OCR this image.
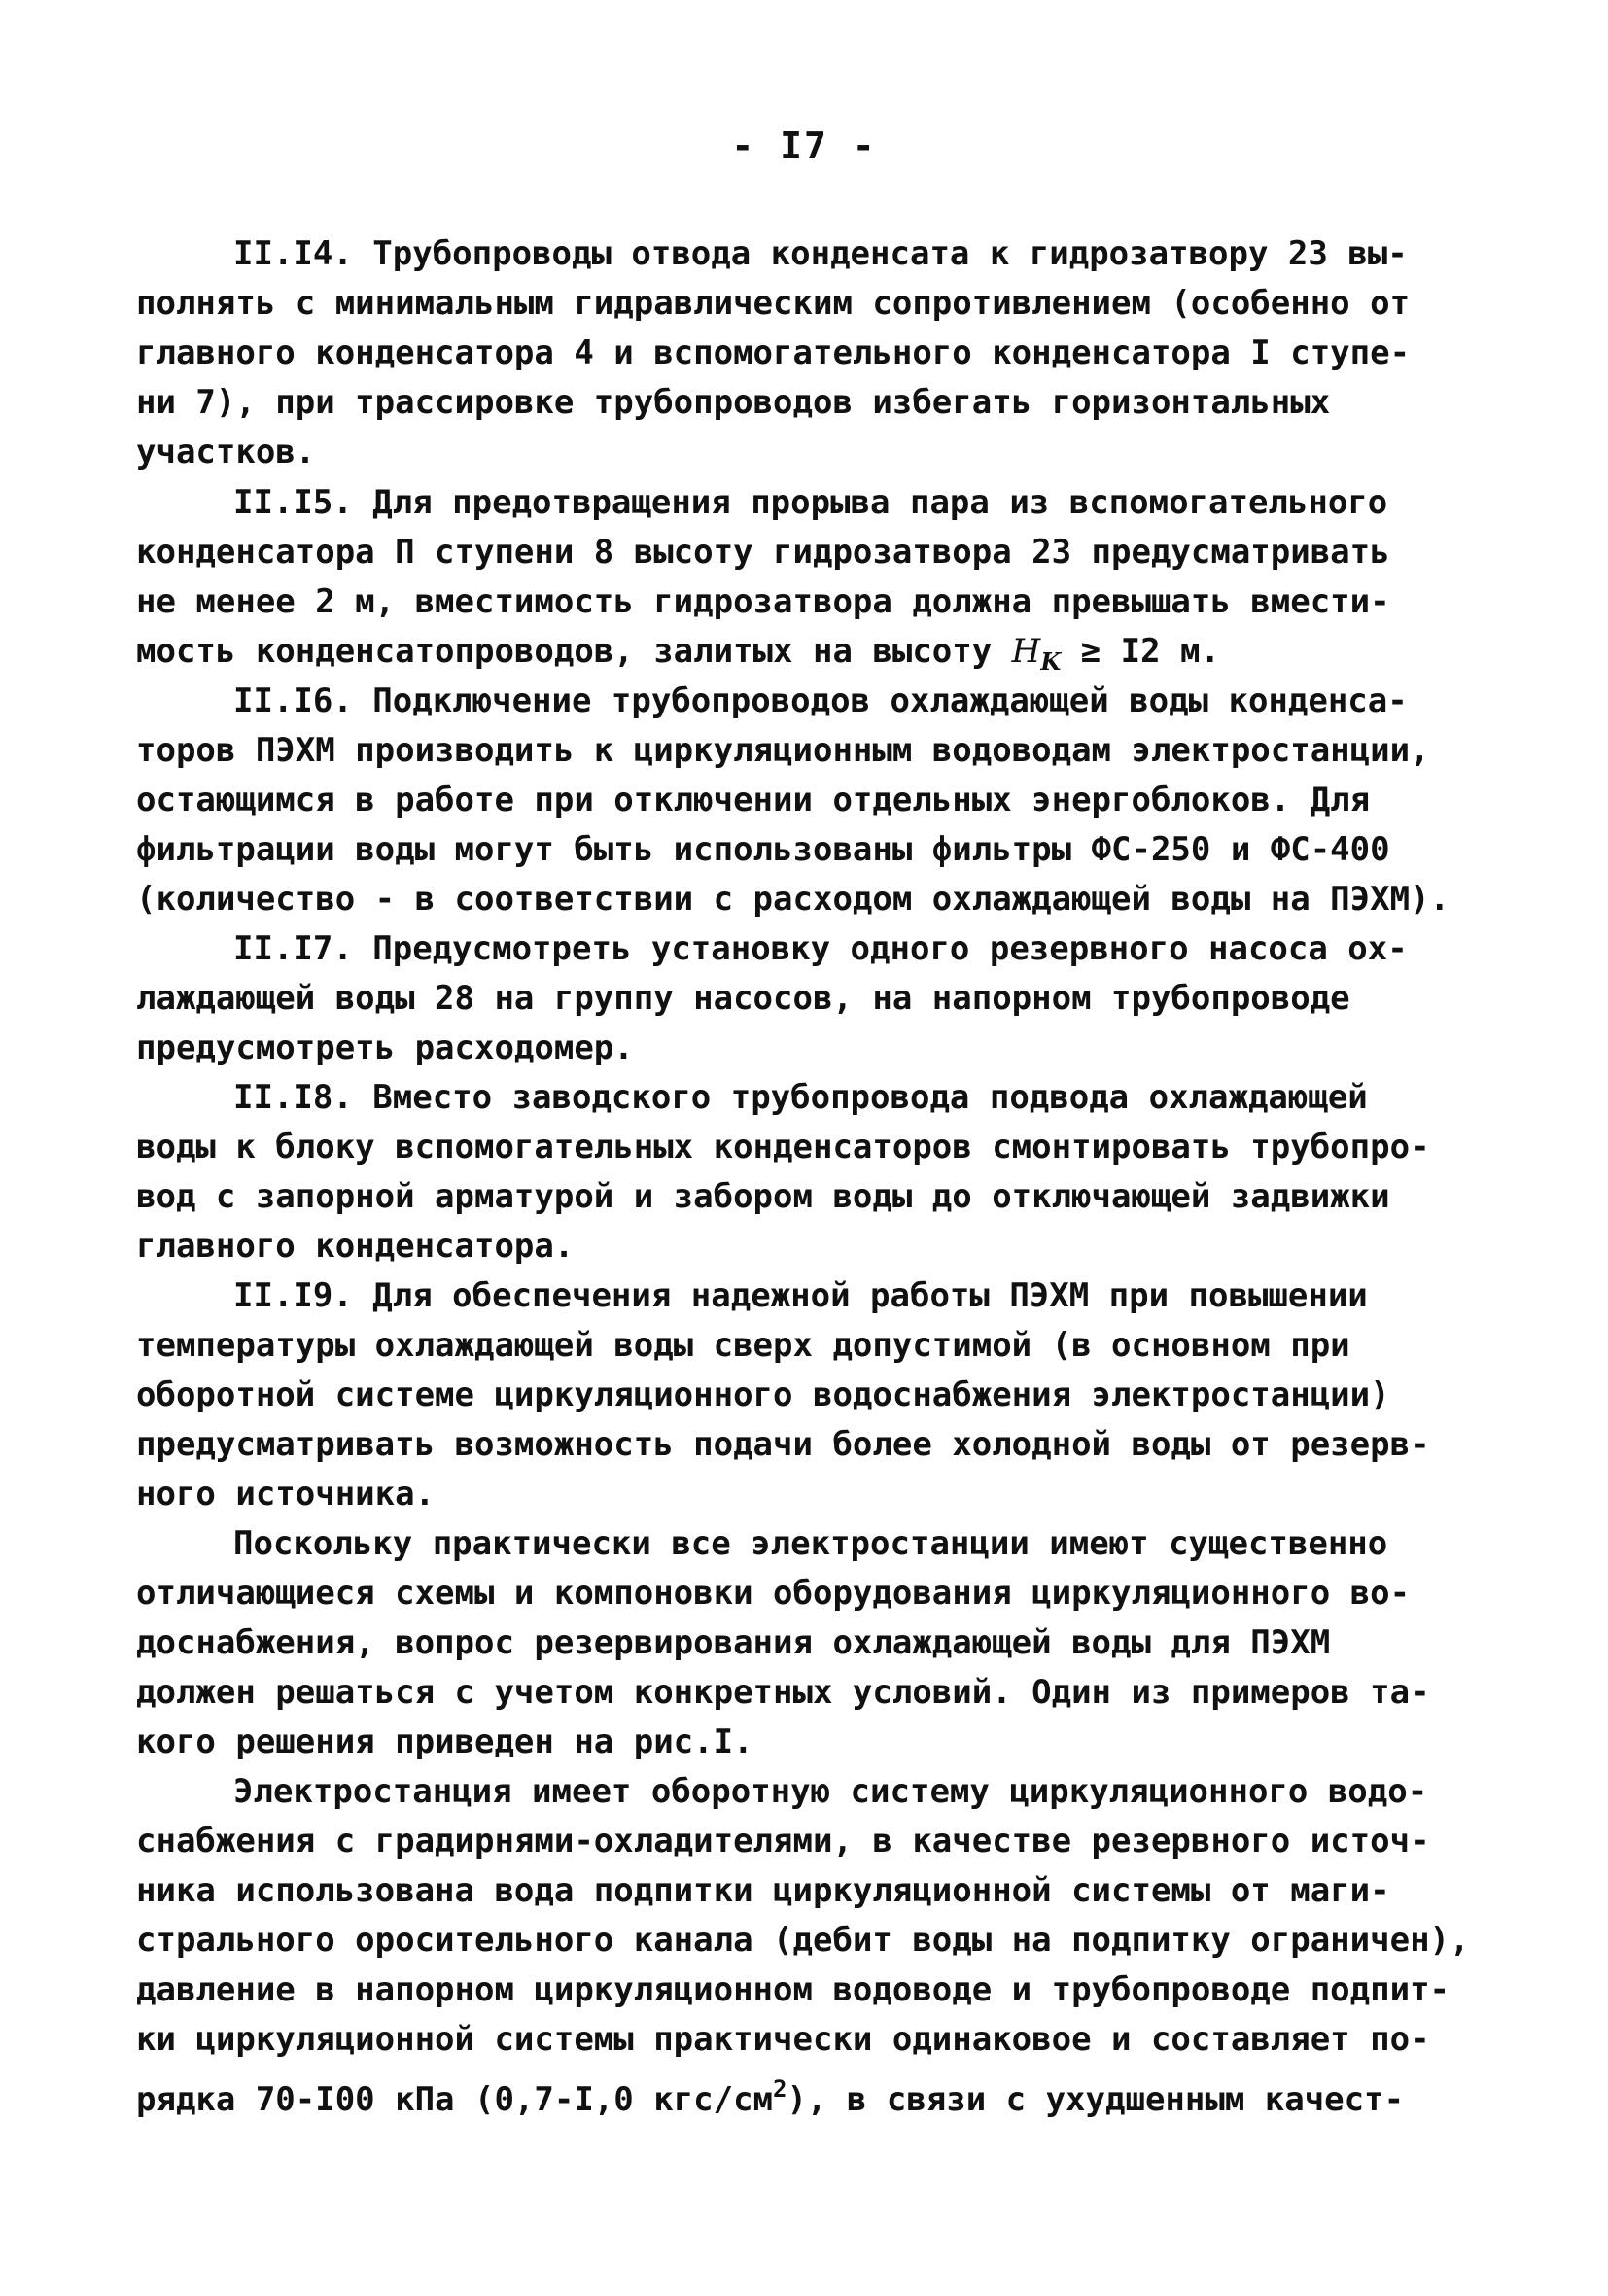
- I7 -
II.I4. Трубопроводы отвода конденсата к гидрозатвору 23 вы-
полнять с минимальным гидравлическим сопротивлением (особенно от
главного конденсатора 4 и вспомогательного конденсатора I ступе-
ни 7), при трассировке трубопроводов избегать горизонтальных
участков.
II.I5. Для предотвращения прорыва пара из вспомогательного
конденсатора П ступени 8 высоту гидрозатвора 23 предусматривать
не менее 2 м, вместимость гидрозатвора должна превышать вмести-
мость конденсатопроводов, залитых на высоту $H_K \ge I2$ м.
II.I6. Подключение трубопроводов охлаждающей воды конденса-
торов ПЭХМ производить к циркуляционным водоводам электростанции,
остающимся в работе при отключении отдельных энергоблоков. Для
фильтрации воды могут быть использованы фильтры ФС-250 и ФС-400
(количество - в соответствии с расходом охлаждающей воды на ПЭХМ).
II.I7. Предусмотреть установку одного резервного насоса ох-
лаждающей воды 28 на группу насосов, на напорном трубопроводе
предусмотреть расходомер.
II.I8. Вместо заводского трубопровода подвода охлаждающей
воды к блоку вспомогательных конденсаторов смонтировать трубопро-
вод с запорной арматурой и забором воды до отключающей задвижки
главного конденсатора.
II.I9. Для обеспечения надежной работы ПЭХМ при повышении
температуры охлаждающей воды сверх допустимой (в основном при
оборотной системе циркуляционного водоснабжения электростанции)
предусматривать возможность подачи более холодной воды от резерв-
ного источника.
Поскольку практически все электростанции имеют существенно
отличающиеся схемы и компоновки оборудования циркуляционного во-
доснабжения, вопрос резервирования охлаждающей воды для ПЭХМ
должен решаться с учетом конкретных условий. Один из примеров та-
кого решения приведен на рис.I.
Электростанция имеет оборотную систему циркуляционного водо-
снабжения с градирнями-охладителями, в качестве резервного источ-
ника использована вода подпитки циркуляционной системы от маги-
стрального оросительного канала (дебит воды на подпитку ограничен),
давление в напорном циркуляционном водоводе и трубопроводе подпит-
ки циркуляционной системы практически одинаковое и составляет по-
рядка 70-I00 кПа (0,7-I,0 кгс/$см^2$), в связи с ухудшенным качест-
